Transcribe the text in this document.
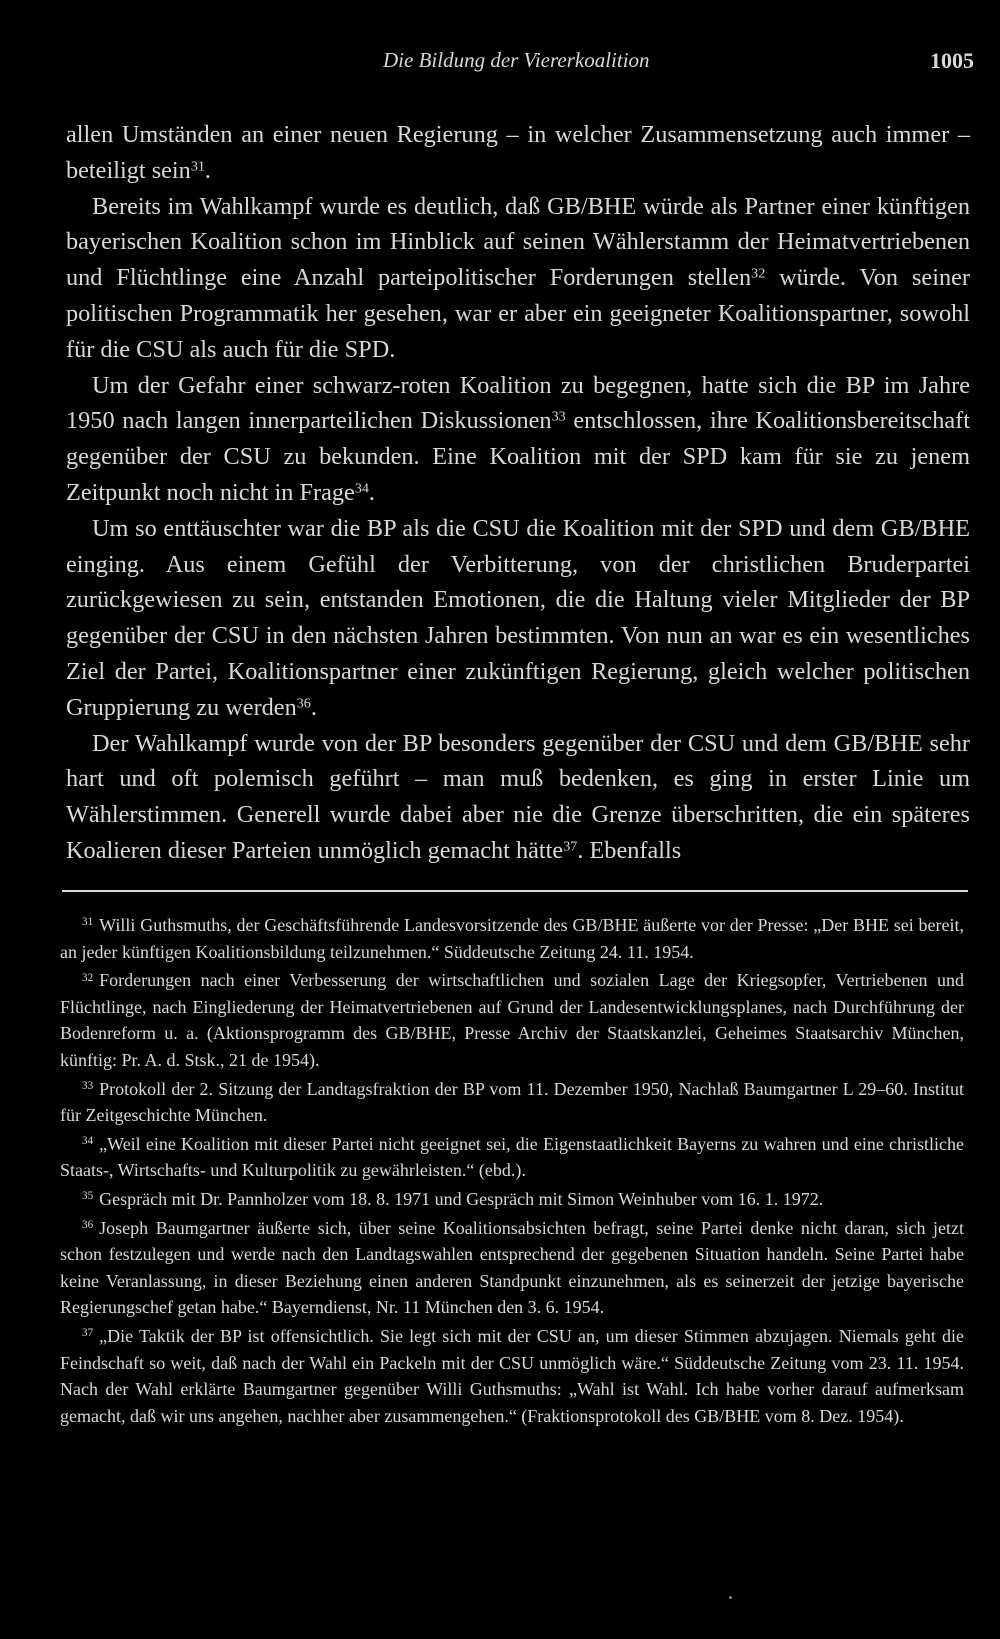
Die Bildung der Viererkoalition	1005

allen Umständen an einer neuen Regierung – in welcher Zusammensetzung auch immer – beteiligt sein$^{31}$.

Bereits im Wahlkampf wurde es deutlich, daß GB/BHE würde als Partner einer künftigen bayerischen Koalition schon im Hinblick auf seinen Wählerstamm der Heimatvertriebenen und Flüchtlinge eine Anzahl parteipolitischer Forderungen stellen$^{32}$ würde. Von seiner politischen Programmatik her gesehen, war er aber ein geeigneter Koalitionspartner, sowohl für die CSU als auch für die SPD.

Um der Gefahr einer schwarz-roten Koalition zu begegnen, hatte sich die BP im Jahre 1950 nach langen innerparteilichen Diskussionen$^{33}$ entschlossen, ihre Koalitionsbereitschaft gegenüber der CSU zu bekunden. Eine Koalition mit der SPD kam für sie zu jenem Zeitpunkt noch nicht in Frage$^{34}$.

Um so enttäuschter war die BP als die CSU die Koalition mit der SPD und dem GB/BHE einging. Aus einem Gefühl der Verbitterung, von der christlichen Bruderpartei zurückgewiesen zu sein, entstanden Emotionen, die die Haltung vieler Mitglieder der BP gegenüber der CSU in den nächsten Jahren bestimmten. Von nun an war es ein wesentliches Ziel der Partei, Koalitionspartner einer zukünftigen Regierung, gleich welcher politischen Gruppierung zu werden$^{36}$.

Der Wahlkampf wurde von der BP besonders gegenüber der CSU und dem GB/BHE sehr hart und oft polemisch geführt – man muß bedenken, es ging in erster Linie um Wählerstimmen. Generell wurde dabei aber nie die Grenze überschritten, die ein späteres Koalieren dieser Parteien unmöglich gemacht hätte$^{37}$. Ebenfalls

$^{31}$ Willi Guthsmuths, der Geschäftsführende Landesvorsitzende des GB/BHE äußerte vor der Presse: „Der BHE sei bereit, an jeder künftigen Koalitionsbildung teilzunehmen.“ Süddeutsche Zeitung 24. 11. 1954.

$^{32}$ Forderungen nach einer Verbesserung der wirtschaftlichen und sozialen Lage der Kriegsopfer, Vertriebenen und Flüchtlinge, nach Eingliederung der Heimatvertriebenen auf Grund der Landesentwicklungsplanes, nach Durchführung der Bodenreform u. a. (Aktionsprogramm des GB/BHE, Presse Archiv der Staatskanzlei, Geheimes Staatsarchiv München, künftig: Pr. A. d. Stsk., 21 de 1954).

$^{33}$ Protokoll der 2. Sitzung der Landtagsfraktion der BP vom 11. Dezember 1950, Nachlaß Baumgartner L 29–60. Institut für Zeitgeschichte München.

$^{34}$ „Weil eine Koalition mit dieser Partei nicht geeignet sei, die Eigenstaatlichkeit Bayerns zu wahren und eine christliche Staats-, Wirtschafts- und Kulturpolitik zu gewährleisten.“ (ebd.).

$^{35}$ Gespräch mit Dr. Pannholzer vom 18. 8. 1971 und Gespräch mit Simon Weinhuber vom 16. 1. 1972.

$^{36}$ Joseph Baumgartner äußerte sich, über seine Koalitionsabsichten befragt, seine Partei denke nicht daran, sich jetzt schon festzulegen und werde nach den Landtagswahlen entsprechend der gegebenen Situation handeln. Seine Partei habe keine Veranlassung, in dieser Beziehung einen anderen Standpunkt einzunehmen, als es seinerzeit der jetzige bayerische Regierungschef getan habe.“ Bayerndienst, Nr. 11 München den 3. 6. 1954.

$^{37}$ „Die Taktik der BP ist offensichtlich. Sie legt sich mit der CSU an, um dieser Stimmen abzujagen. Niemals geht die Feindschaft so weit, daß nach der Wahl ein Packeln mit der CSU unmöglich wäre.“ Süddeutsche Zeitung vom 23. 11. 1954. Nach der Wahl erklärte Baumgartner gegenüber Willi Guthsmuths: „Wahl ist Wahl. Ich habe vorher darauf aufmerksam gemacht, daß wir uns angehen, nachher aber zusammengehen.“ (Fraktionsprotokoll des GB/BHE vom 8. Dez. 1954).
